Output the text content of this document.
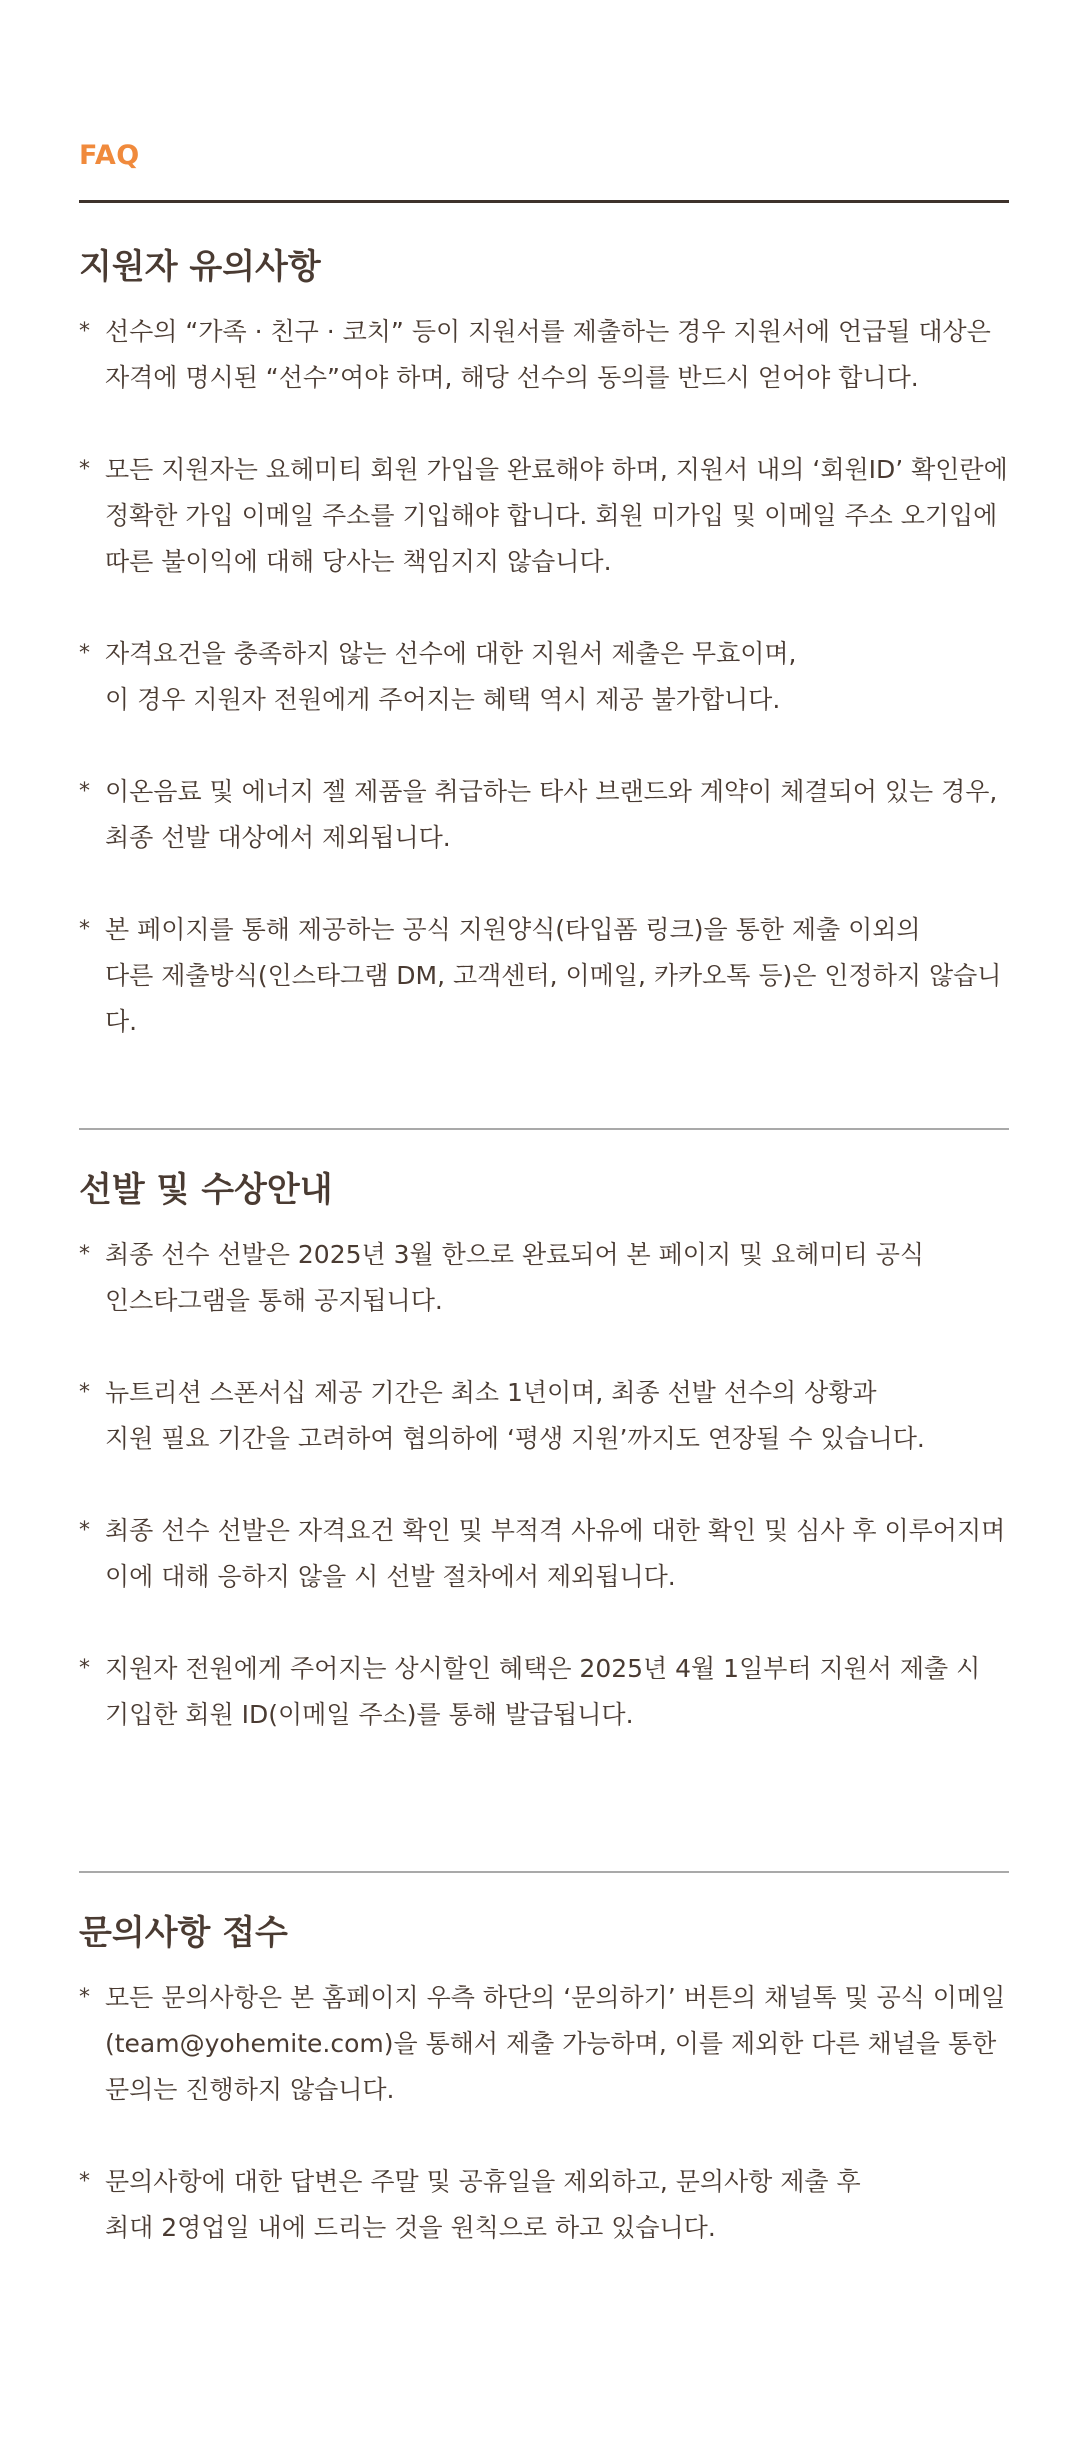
FAQ
지원자 유의사항
* 선수의 “가족 · 친구 · 코치” 등이 지원서를 제출하는 경우 지원서에 언급될 대상은
자격에 명시된 “선수”여야 하며, 해당 선수의 동의를 반드시 얻어야 합니다.
* 모든 지원자는 요헤미티 회원 가입을 완료해야 하며, 지원서 내의 ‘회원ID’ 확인란에
정확한 가입 이메일 주소를 기입해야 합니다. 회원 미가입 및 이메일 주소 오기입에
따른 불이익에 대해 당사는 책임지지 않습니다.
* 자격요건을 충족하지 않는 선수에 대한 지원서 제출은 무효이며,
이 경우 지원자 전원에게 주어지는 혜택 역시 제공 불가합니다.
* 이온음료 및 에너지 젤 제품을 취급하는 타사 브랜드와 계약이 체결되어 있는 경우,
최종 선발 대상에서 제외됩니다.
* 본 페이지를 통해 제공하는 공식 지원양식(타입폼 링크)을 통한 제출 이외의
다른 제출방식(인스타그램 DM, 고객센터, 이메일, 카카오톡 등)은 인정하지 않습니다.
선발 및 수상안내
* 최종 선수 선발은 2025년 3월 한으로 완료되어 본 페이지 및 요헤미티 공식
인스타그램을 통해 공지됩니다.
* 뉴트리션 스폰서십 제공 기간은 최소 1년이며, 최종 선발 선수의 상황과
지원 필요 기간을 고려하여 협의하에 ‘평생 지원’까지도 연장될 수 있습니다.
* 최종 선수 선발은 자격요건 확인 및 부적격 사유에 대한 확인 및 심사 후 이루어지며
이에 대해 응하지 않을 시 선발 절차에서 제외됩니다.
* 지원자 전원에게 주어지는 상시할인 혜택은 2025년 4월 1일부터 지원서 제출 시
기입한 회원 ID(이메일 주소)를 통해 발급됩니다.
문의사항 접수
* 모든 문의사항은 본 홈페이지 우측 하단의 ‘문의하기’ 버튼의 채널톡 및 공식 이메일
(team@yohemite.com)을 통해서 제출 가능하며, 이를 제외한 다른 채널을 통한
문의는 진행하지 않습니다.
* 문의사항에 대한 답변은 주말 및 공휴일을 제외하고, 문의사항 제출 후
최대 2영업일 내에 드리는 것을 원칙으로 하고 있습니다.
